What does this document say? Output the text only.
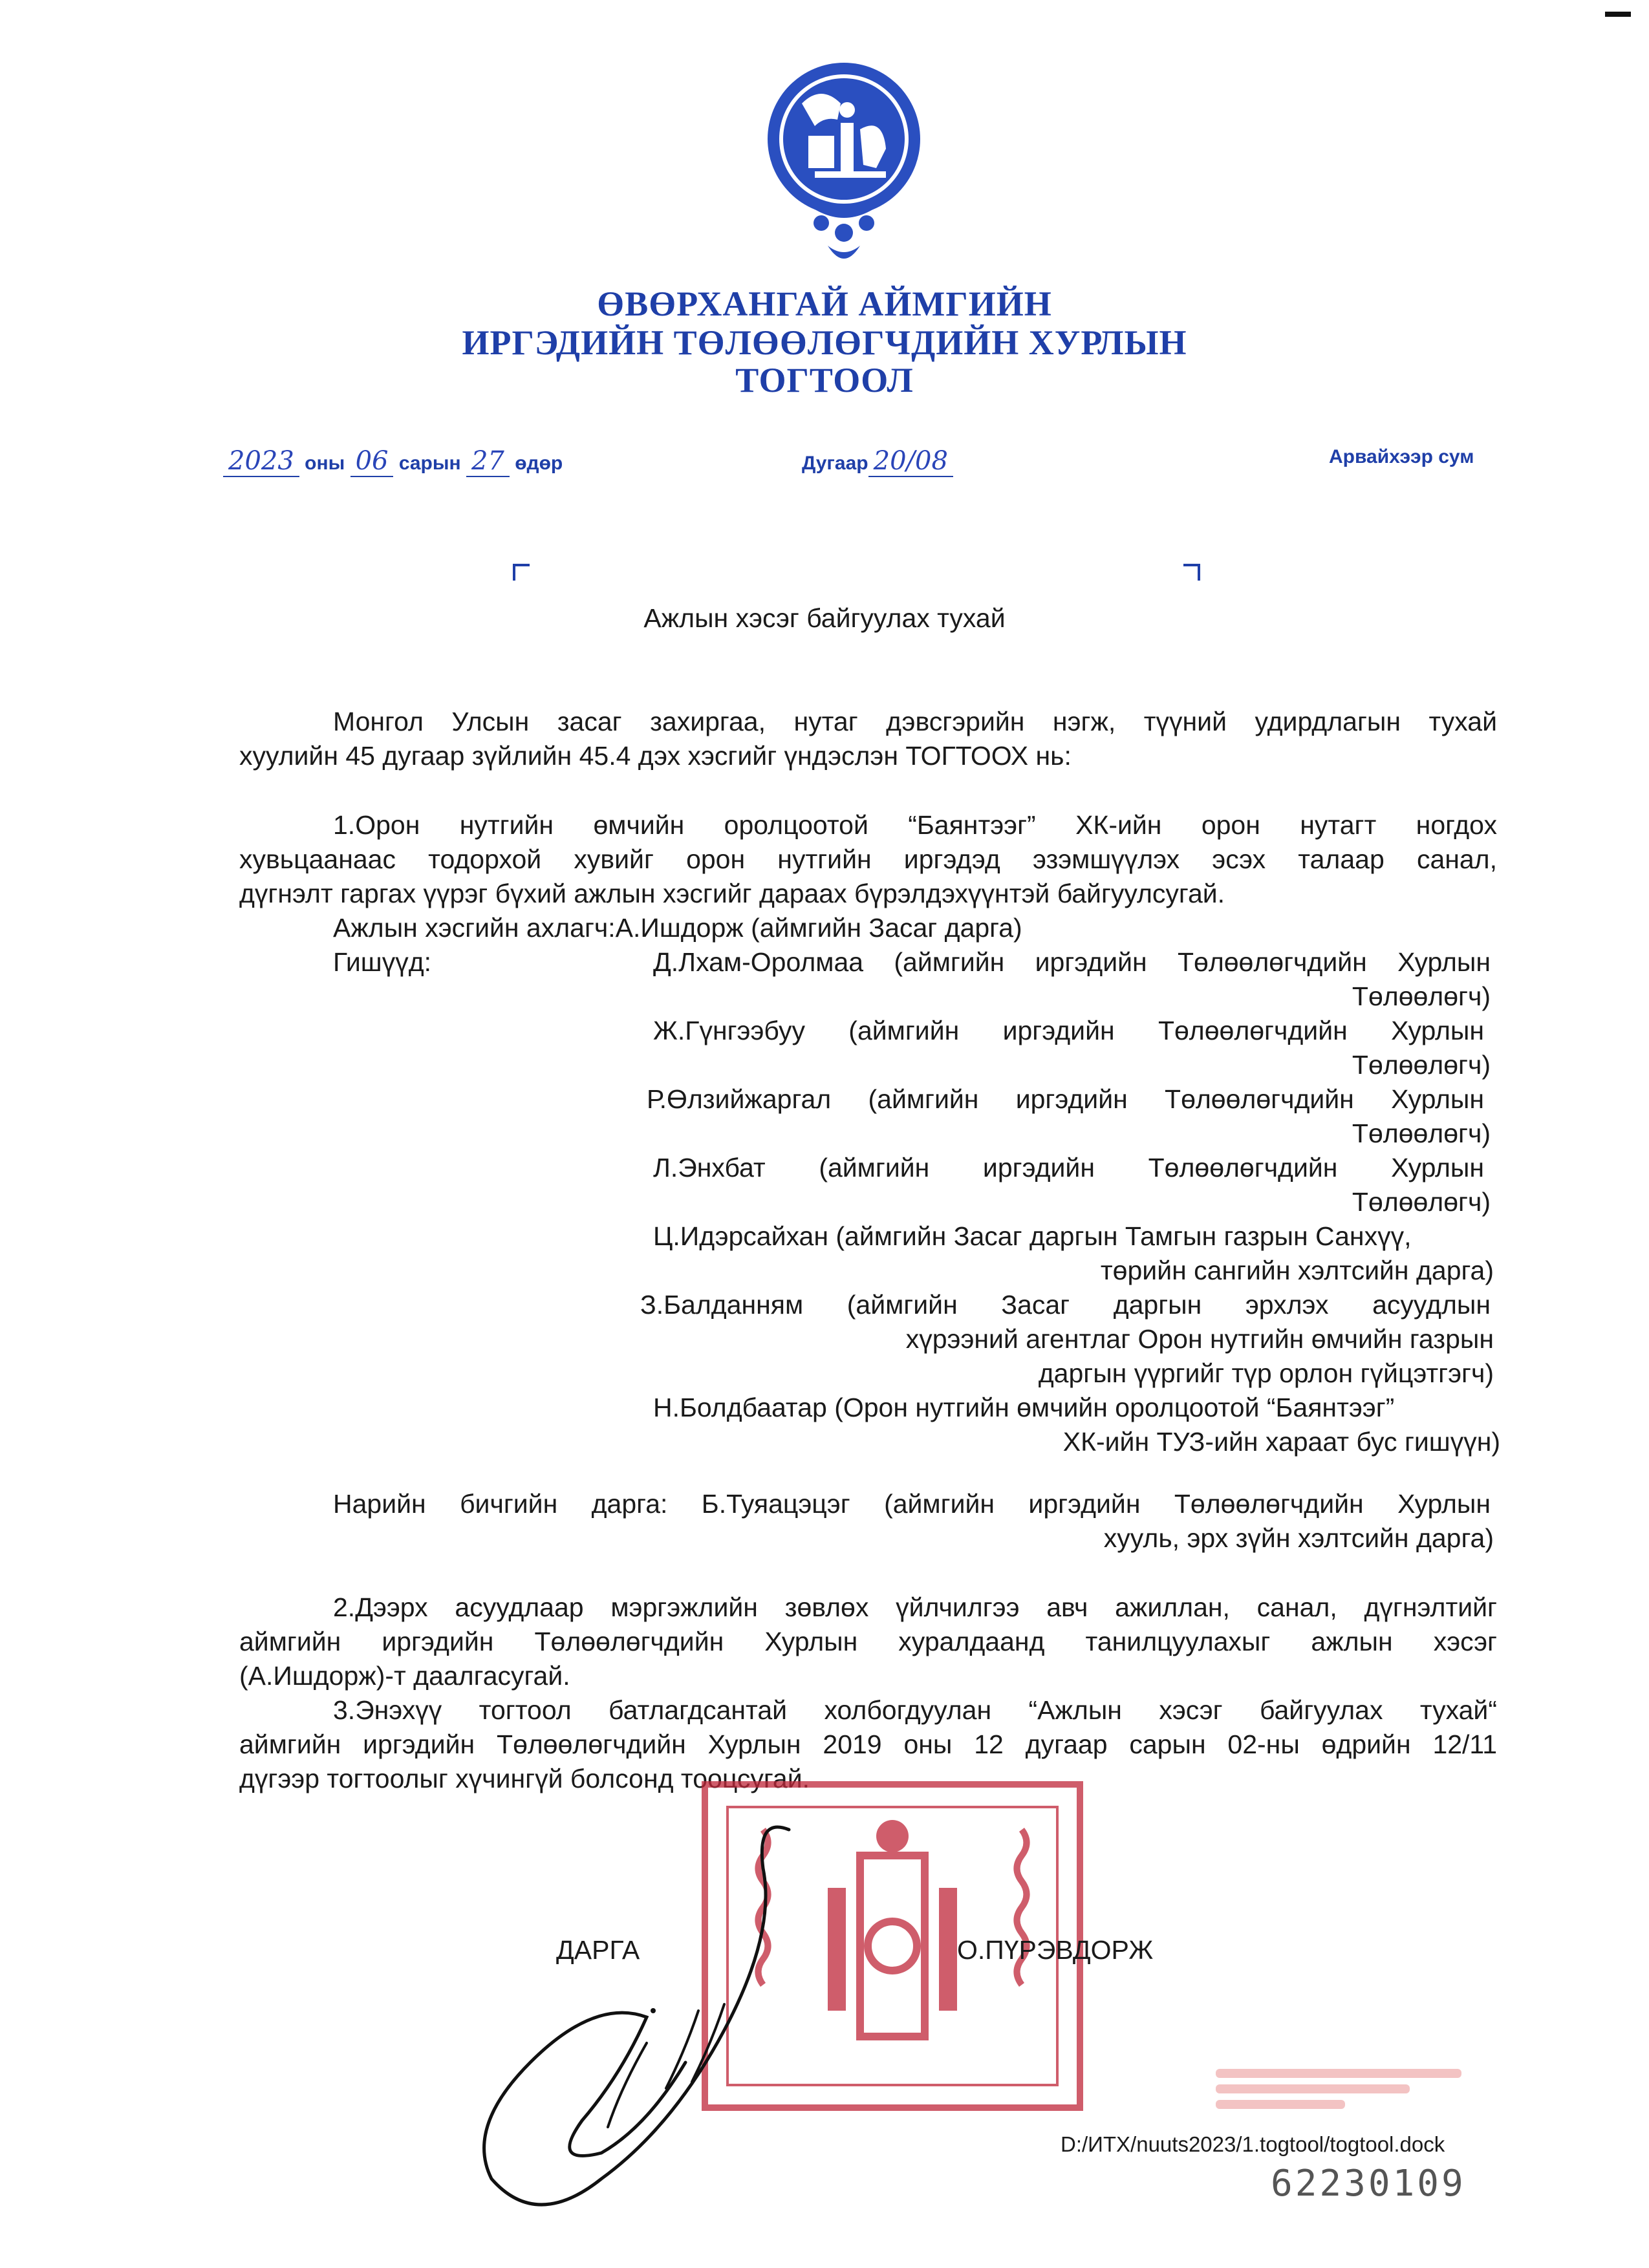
ӨВӨРХАНГАЙ АЙМГИЙН
ИРГЭДИЙН ТӨЛӨӨЛӨГЧДИЙН ХУРЛЫН
ТОГТООЛ
2023 оны 06 сарын 27 өдөр	Дугаар 20/08	Арвайхээр сум
Ажлын хэсэг байгуулах тухай
Монгол Улсын засаг захиргаа, нутаг дэвсгэрийн нэгж, түүний удирдлагын тухай
хуулийн 45 дугаар зүйлийн 45.4 дэх хэсгийг үндэслэн ТОГТООХ нь:
1.Орон нутгийн өмчийн оролцоотой “Баянтээг” ХК-ийн орон нутагт ногдох
хувьцаанаас тодорхой хувийг орон нутгийн иргэдэд эзэмшүүлэх эсэх талаар санал,
дүгнэлт гаргах үүрэг бүхий ажлын хэсгийг дараах бүрэлдэхүүнтэй байгуулсугай.
Ажлын хэсгийн ахлагч:А.Ишдорж (аймгийн Засаг дарга)
Гишүүд:	Д.Лхам-Оролмаа (аймгийн иргэдийн Төлөөлөгчдийн Хурлын
Төлөөлөгч)
Ж.Гүнгээбуу (аймгийн иргэдийн Төлөөлөгчдийн Хурлын
Төлөөлөгч)
Р.Өлзийжаргал (аймгийн иргэдийн Төлөөлөгчдийн Хурлын
Төлөөлөгч)
Л.Энхбат (аймгийн иргэдийн Төлөөлөгчдийн Хурлын
Төлөөлөгч)
Ц.Идэрсайхан (аймгийн Засаг даргын Тамгын газрын Санхүү,
төрийн сангийн хэлтсийн дарга)
З.Балданням (аймгийн Засаг даргын эрхлэх асуудлын
хүрээний агентлаг Орон нутгийн өмчийн газрын
даргын үүргийг түр орлон гүйцэтгэгч)
Н.Болдбаатар (Орон нутгийн өмчийн оролцоотой “Баянтээг”
ХК-ийн ТУЗ-ийн хараат бус гишүүн)
Нарийн бичгийн дарга: Б.Туяацэцэг (аймгийн иргэдийн Төлөөлөгчдийн Хурлын
хууль, эрх зүйн хэлтсийн дарга)
2.Дээрх асуудлаар мэргэжлийн зөвлөх үйлчилгээ авч ажиллан, санал, дүгнэлтийг
аймгийн иргэдийн Төлөөлөгчдийн Хурлын хуралдаанд танилцуулахыг ажлын хэсэг
(А.Ишдорж)-т даалгасугай.
3.Энэхүү тогтоол батлагдсантай холбогдуулан “Ажлын хэсэг байгуулах тухай“
аймгийн иргэдийн Төлөөлөгчдийн Хурлын 2019 оны 12 дугаар сарын 02-ны өдрийн 12/11
дүгээр тогтоолыг хүчингүй болсонд тооцсугай.
ДАРГА	О.ПҮРЭВДОРЖ
D:/ИТХ/nuuts2023/1.togtool/togtool.dock
62230109
